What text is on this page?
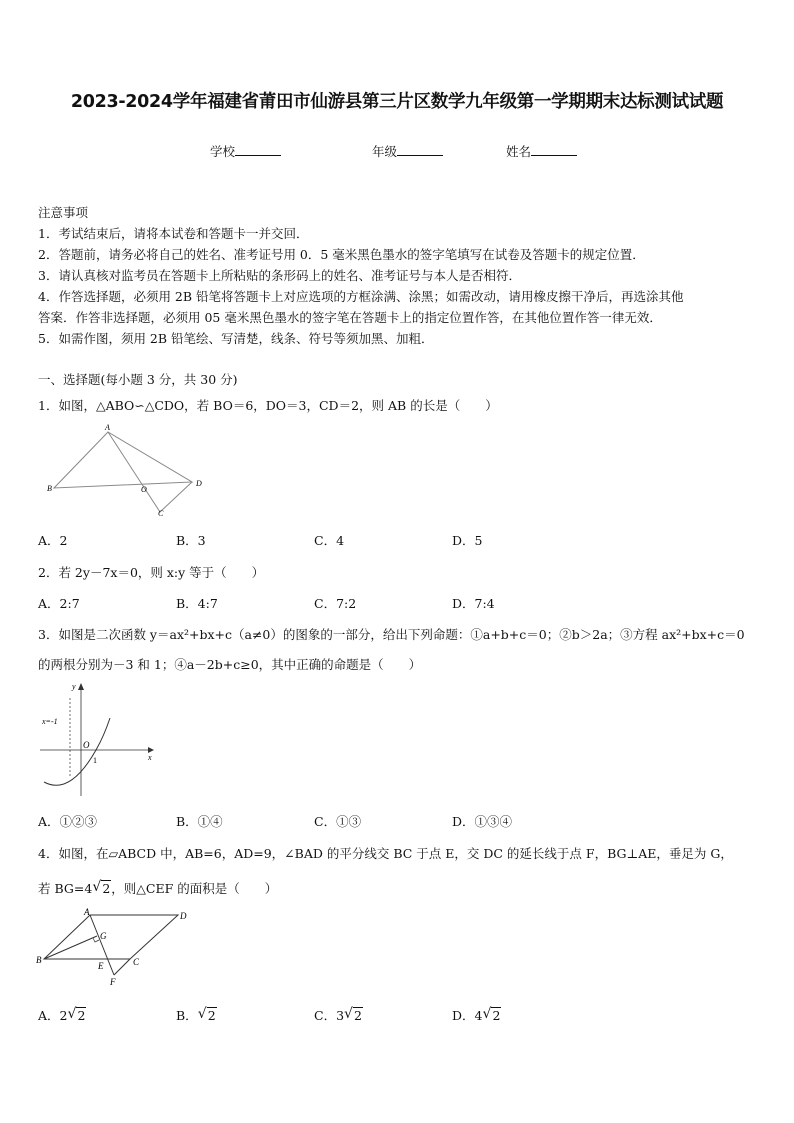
2023-2024学年福建省莆田市仙游县第三片区数学九年级第一学期期末达标测试试题
学校	年级	姓名
注意事项
1．考试结束后，请将本试卷和答题卡一并交回．
2．答题前，请务必将自己的姓名、准考证号用 0．5 毫米黑色墨水的签字笔填写在试卷及答题卡的规定位置．
3．请认真核对监考员在答题卡上所粘贴的条形码上的姓名、准考证号与本人是否相符．
4．作答选择题，必须用 2B 铅笔将答题卡上对应选项的方框涂满、涂黑；如需改动，请用橡皮擦干净后，再选涂其他
答案．作答非选择题，必须用 05 毫米黑色墨水的签字笔在答题卡上的指定位置作答，在其他位置作答一律无效．
5．如需作图，须用 2B 铅笔绘、写清楚，线条、符号等须加黑、加粗．
一、选择题(每小题 3 分，共 30 分)
1．如图，△ABO∽△CDO，若 BO＝6，DO＝3，CD＝2，则 AB 的长是（　　）
A
B	O
D
C
A．2	B．3	C．4	D．5
2．若 2y－7x＝0，则 x:y 等于（　　）
A．2:7	B．4:7	C．7:2	D．7:4
3．如图是二次函数 y＝ax²+bx+c（a≠0）的图象的一部分，给出下列命题：①a+b+c＝0；②b＞2a；③方程 ax²+bx+c＝0
的两根分别为－3 和 1；④a－2b+c≥0，其中正确的命题是（　　）
x
y
O
1
x=-1
A．①②③	B．①④	C．①③	D．①③④
4．如图，在▱ABCD 中，AB=6，AD=9，∠BAD 的平分线交 BC 于点 E，交 DC 的延长线于点 F，BG⊥AE，垂足为 G，
若 BG=4 √ 2，则△CEF 的面积是（　　）
A	D
G
B
E	C
F
A．2 √ 2	B． √ 2	C．3 √ 2	D．4 √ 2
